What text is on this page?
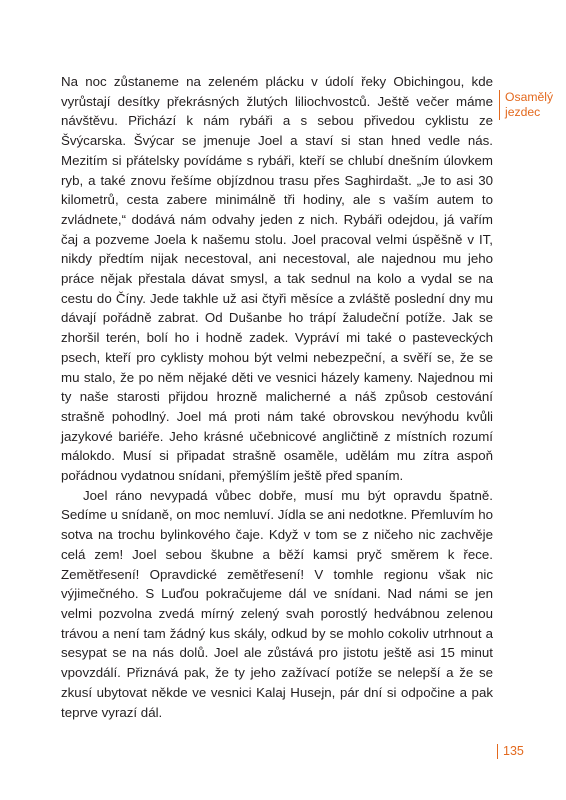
Na noc zůstaneme na zeleném plácku v údolí řeky Obichingou, kde vyrůstají desítky překrásných žlutých liliochvostců. Ještě večer máme návštěvu. Přichází k nám rybáři a s sebou přivedou cyklistu ze Švýcarska. Švýcar se jmenuje Joel a staví si stan hned vedle nás. Mezitím si přátelsky povídáme s rybáři, kteří se chlubí dnešním úlovkem ryb, a také znovu řešíme objízdnou trasu přes Saghirdašt. „Je to asi 30 kilometrů, cesta zabere minimálně tři hodiny, ale s vaším autem to zvládnete,“ dodává nám odvahy jeden z nich. Rybáři odejdou, já vařím čaj a pozveme Joela k našemu stolu. Joel pracoval velmi úspěšně v IT, nikdy předtím nijak necestoval, ani necestoval, ale najednou mu jeho práce nějak přestala dávat smysl, a tak sednul na kolo a vydal se na cestu do Číny. Jede takhle už asi čtyři měsíce a zvláště poslední dny mu dávají pořádně zabrat. Od Dušanbe ho trápí žaludeční potíže. Jak se zhoršil terén, bolí ho i hodně zadek. Vypráví mi také o pasteveckých psech, kteří pro cyklisty mohou být velmi nebezpeční, a svěří se, že se mu stalo, že po něm nějaké děti ve vesnici házely kameny. Najednou mi ty naše starosti přijdou hrozně malicherné a náš způsob cestování strašně pohodlný. Joel má proti nám také obrovskou nevýhodu kvůli jazykové bariéře. Jeho krásné učebnicové angličtině z místních rozumí málokdo. Musí si připadat strašně osaměle, udělám mu zítra aspoň pořádnou vydatnou snídani, přemýšlím ještě před spaním.

Joel ráno nevypadá vůbec dobře, musí mu být opravdu špatně. Sedíme u snídaně, on moc nemluví. Jídla se ani nedotkne. Přemluvím ho sotva na trochu bylinkového čaje. Když v tom se z ničeho nic zachvěje celá zem! Joel sebou škubne a běží kamsi pryč směrem k řece. Zemětřesení! Opravdické zemětřesení! V tomhle regionu však nic výjimečného. S Luďou pokračujeme dál ve snídani. Nad námi se jen velmi pozvolna zvedá mírný zelený svah porostlý hedvábnou zelenou trávou a není tam žádný kus skály, odkud by se mohlo cokoliv utrhnout a sesypat se na nás dolů. Joel ale zůstává pro jistotu ještě asi 15 minut vpovzdálí. Přiznává pak, že ty jeho zažívací potíže se nelepší a že se zkusí ubytovat někde ve vesnici Kalaj Husejn, pár dní si odpočine a pak teprve vyrazí dál.

Osamělý
jezdec
135
